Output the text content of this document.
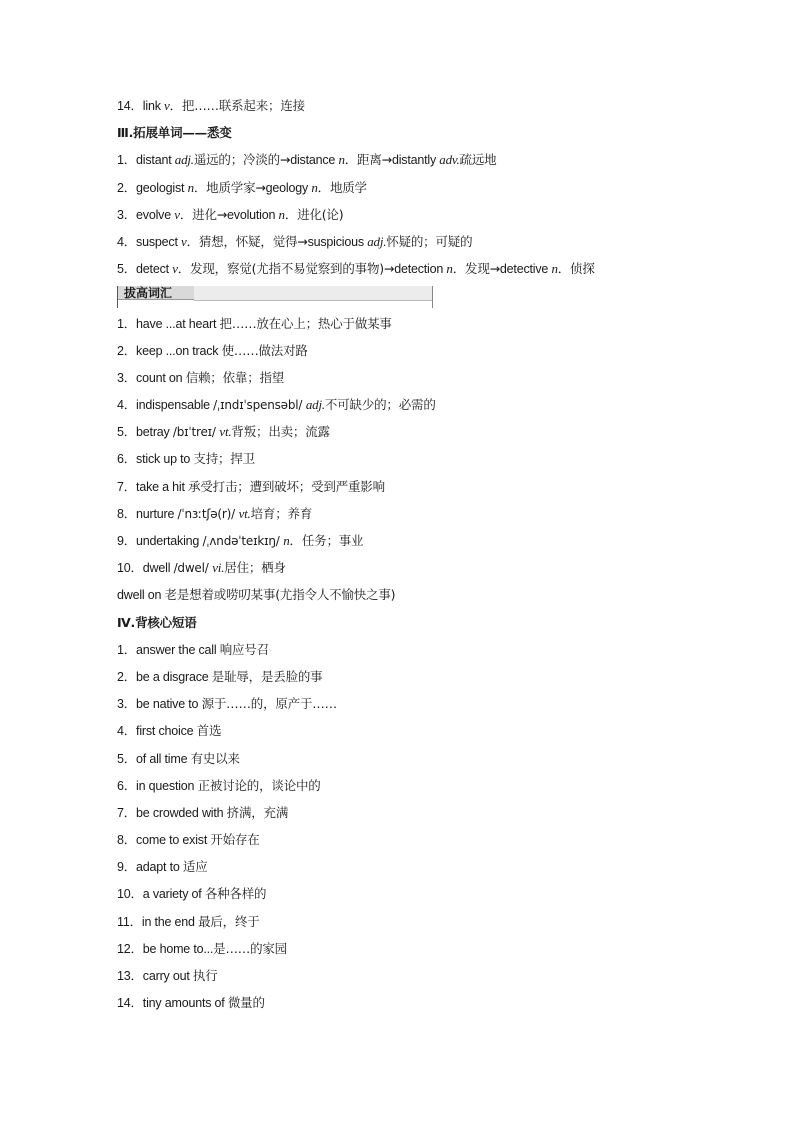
14．link v．把……联系起来；连接
Ⅲ.拓展单词——悉变
1．distant adj.遥远的；冷淡的→distance n．距离→distantly adv.疏远地
2．geologist n．地质学家→geology n．地质学
3．evolve v．进化→evolution n．进化(论)
4．suspect v．猜想，怀疑，觉得→suspicious adj.怀疑的；可疑的
5．detect v．发现，察觉(尤指不易觉察到的事物)→detection n．发现→detective n．侦探
拔高词汇
1．have ...at heart 把……放在心上；热心于做某事
2．keep ...on track 使……做法对路
3．count on 信赖；依靠；指望
4．indispensable /ˌɪndɪˈspensəbl/ adj.不可缺少的；必需的
5．betray /bɪˈtreɪ/ vt.背叛；出卖；流露
6．stick up to 支持；捍卫
7．take a hit 承受打击；遭到破坏；受到严重影响
8．nurture /ˈnɜːtʃə(r)/ vt.培育；养育
9．undertaking /ˌʌndəˈteɪkɪŋ/ n．任务；事业
10．dwell /dwel/ vi.居住；栖身
dwell on 老是想着或唠叨某事(尤指令人不愉快之事)
Ⅳ.背核心短语
1．answer the call 响应号召
2．be a disgrace 是耻辱，是丢脸的事
3．be native to 源于……的，原产于……
4．first choice 首选
5．of all time 有史以来
6．in question 正被讨论的，谈论中的
7．be crowded with 挤满，充满
8．come to exist 开始存在
9．adapt to 适应
10．a variety of 各种各样的
11．in the end 最后，终于
12．be home to...是……的家园
13．carry out 执行
14．tiny amounts of 微量的
